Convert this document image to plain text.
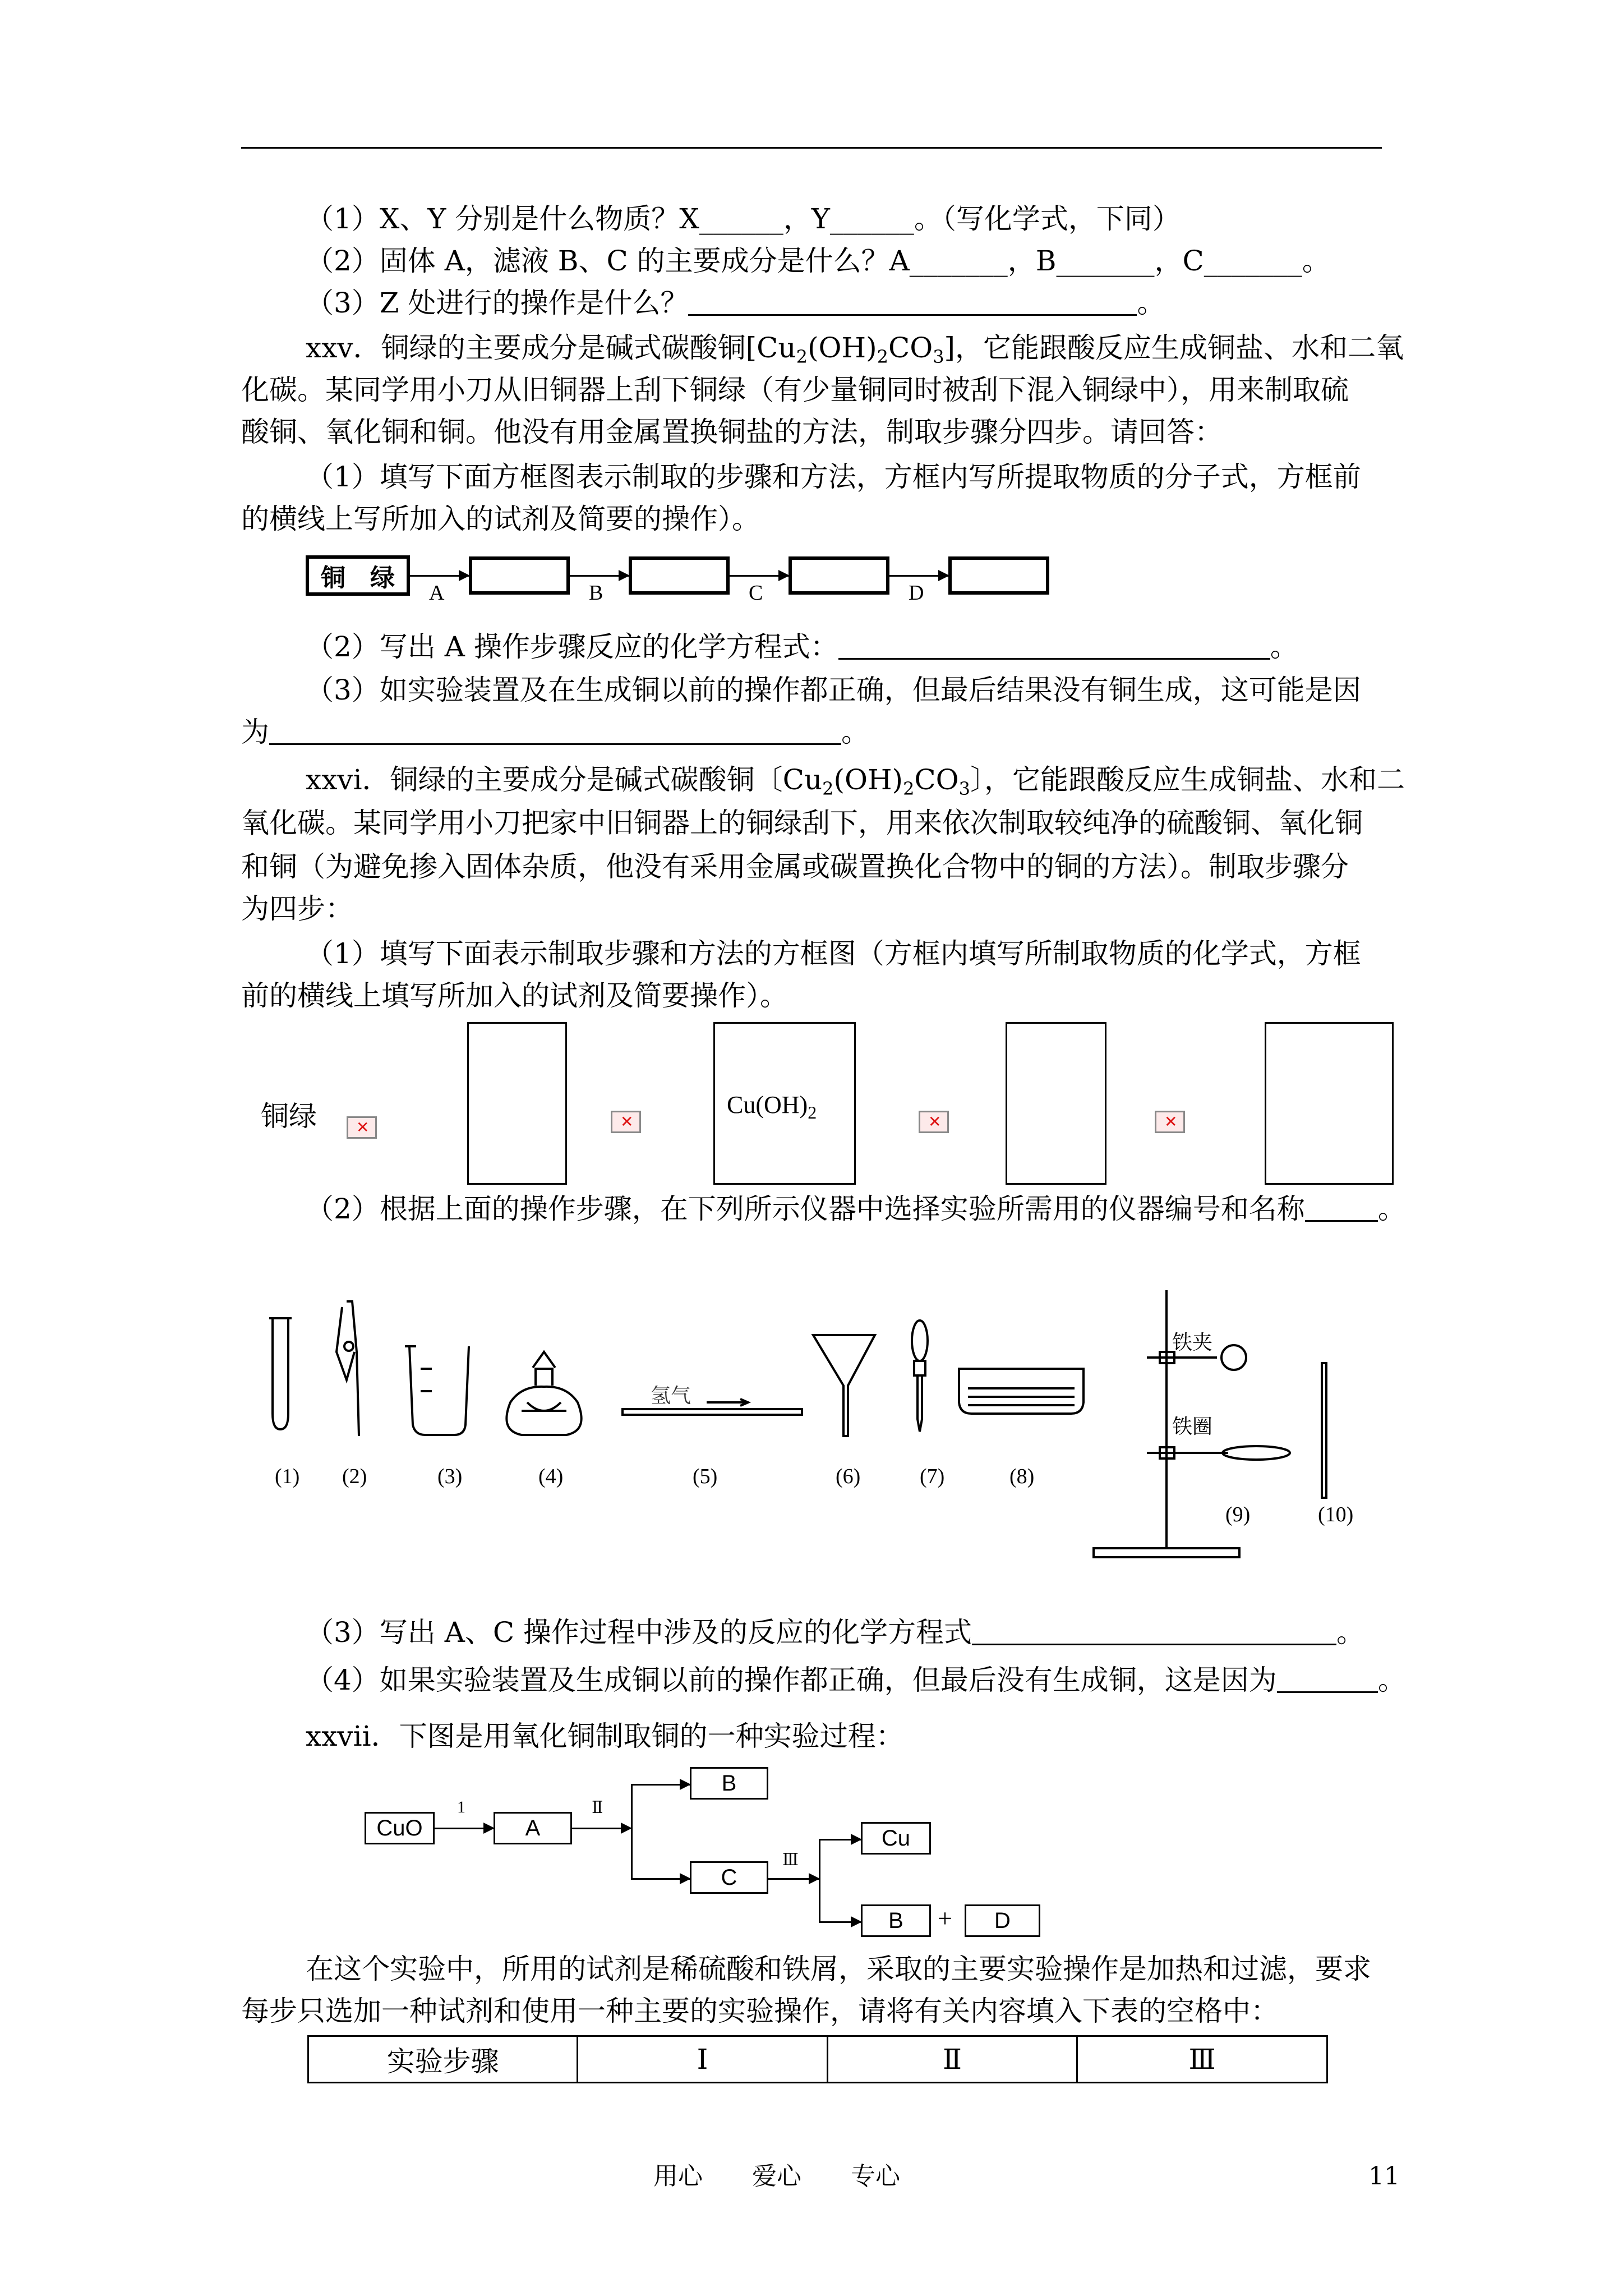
（1）X、Y 分别是什么物质？X______，Y______。（写化学式，下同）
（2）固体 A，滤液 B、C 的主要成分是什么？A_______，B_______，C_______。
（3）Z 处进行的操作是什么？	。
xxv．铜绿的主要成分是碱式碳酸铜$[Cu_2(OH)_2CO_3]$，它能跟酸反应生成铜盐、水和二氧
化碳。某同学用小刀从旧铜器上刮下铜绿（有少量铜同时被刮下混入铜绿中），用来制取硫
酸铜、氧化铜和铜。他没有用金属置换铜盐的方法，制取步骤分四步。请回答：
（1）填写下面方框图表示制取的步骤和方法，方框内写所提取物质的分子式，方框前
的横线上写所加入的试剂及简要的操作）。
铜　绿
A	B	C	D
（2）写出 A 操作步骤反应的化学方程式：	。
（3）如实验装置及在生成铜以前的操作都正确，但最后结果没有铜生成，这可能是因
为	。
xxvi．铜绿的主要成分是碱式碳酸铜〔$Cu_2(OH)_2CO_3$〕，它能跟酸反应生成铜盐、水和二
氧化碳。某同学用小刀把家中旧铜器上的铜绿刮下，用来依次制取较纯净的硫酸铜、氧化铜
和铜（为避免掺入固体杂质，他没有采用金属或碳置换化合物中的铜的方法）。制取步骤分
为四步：
（1）填写下面表示制取步骤和方法的方框图（方框内填写所制取物质的化学式，方框
前的横线上填写所加入的试剂及简要操作）。
铜绿
✕
✕	$Cu(OH)_2$
✕
✕
（2）根据上面的操作步骤，在下列所示仪器中选择实验所需用的仪器编号和名称	。
氢气
铁夹
铁圈
(1) (2)	(3)	(4)	(5)	(6)	(7)	(8)
(9)	(10)
（3）写出 A、C 操作过程中涉及的反应的化学方程式	。
（4）如果实验装置及生成铜以前的操作都正确，但最后没有生成铜，这是因为	。
xxvii．下图是用氧化铜制取铜的一种实验过程：
CuO
1
A
Ⅱ
B
C
Ⅲ
Cu
B	+	D
在这个实验中，所用的试剂是稀硫酸和铁屑，采取的主要实验操作是加热和过滤，要求
每步只选加一种试剂和使用一种主要的实验操作，请将有关内容填入下表的空格中：
实验步骤	Ⅰ	Ⅱ	Ⅲ
用心　　爱心　　专心	11
